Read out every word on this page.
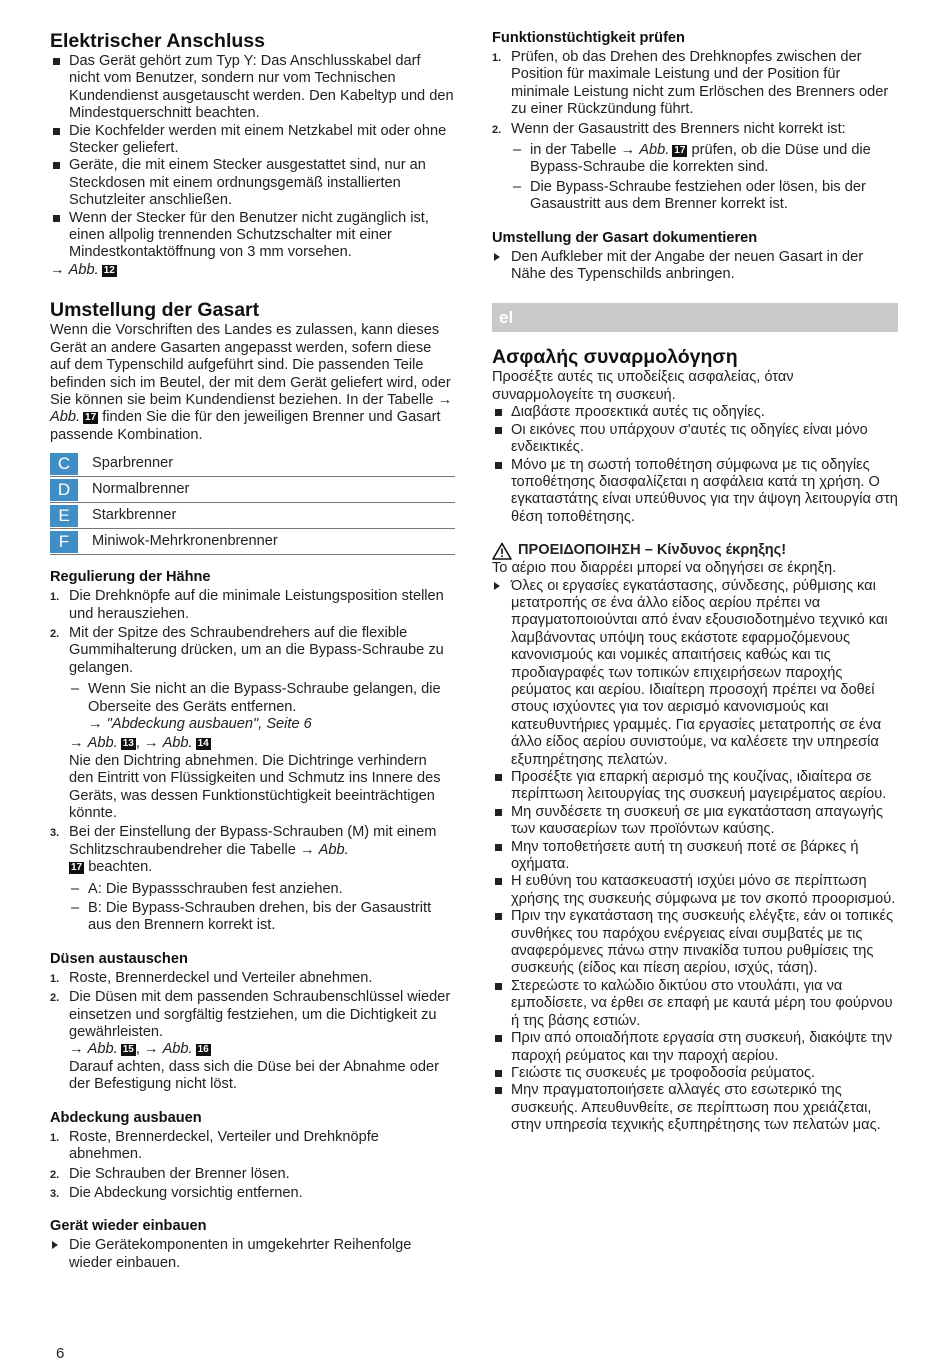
Elektrischer Anschluss
Das Gerät gehört zum Typ Y: Das Anschlusskabel darf nicht vom Benutzer, sondern nur vom Technischen Kundendienst ausgetauscht werden. Den Kabeltyp und den Mindestquerschnitt beachten.
Die Kochfelder werden mit einem Netzkabel mit oder ohne Stecker geliefert.
Geräte, die mit einem Stecker ausgestattet sind, nur an Steckdosen mit einem ordnungsgemäß installierten Schutzleiter anschließen.
Wenn der Stecker für den Benutzer nicht zugänglich ist, einen allpolig trennenden Schutzschalter mit einer Mindestkontaktöffnung von 3 mm vorsehen.

→ Abb. 12

Umstellung der Gasart

Wenn die Vorschriften des Landes es zulassen, kann dieses Gerät an andere Gasarten angepasst werden, sofern diese auf dem Typenschild aufgeführt sind. Die passenden Teile befinden sich im Beutel, der mit dem Gerät geliefert wird, oder Sie können sie beim Kundendienst beziehen. In der Tabelle → Abb. 17 finden Sie die für den jeweiligen Brenner und Gasart passende Kombination.

C	Sparbrenner

D	Normalbrenner

E	Starkbrenner

F	Miniwok-Mehrkronenbrenner
Regulierung der Hähne
1. Die Drehknöpfe auf die minimale Leistungsposition stellen und herausziehen.
2. Mit der Spitze des Schraubendrehers auf die flexible Gummihalterung drücken, um an die Bypass-Schraube zu gelangen.
– Wenn Sie nicht an die Bypass-Schraube gelangen, die Oberseite des Geräts entfernen.
→ "Abdeckung ausbauen", Seite 6
→ Abb. 13 , → Abb. 14

Nie den Dichtring abnehmen. Die Dichtringe verhindern den Eintritt von Flüssigkeiten und Schmutz ins Innere des Geräts, was dessen Funktionstüchtigkeit beeinträchtigen könnte.

3. Bei der Einstellung der Bypass-Schrauben (M) mit einem Schlitzschraubendreher die Tabelle → Abb.
17 beachten.
– A: Die Bypassschrauben fest anziehen.
– B: Die Bypass-Schrauben drehen, bis der Gasaustritt aus den Brennern korrekt ist.
Düsen austauschen
1. Roste, Brennerdeckel und Verteiler abnehmen.
2. Die Düsen mit dem passenden Schraubenschlüssel wieder einsetzen und sorgfältig festziehen, um die Dichtigkeit zu gewährleisten.
→ Abb. 15 , → Abb. 16

Darauf achten, dass sich die Düse bei der Abnahme oder der Befestigung nicht löst.

Abdeckung ausbauen
1. Roste, Brennerdeckel, Verteiler und Drehknöpfe abnehmen.
2. Die Schrauben der Brenner lösen.
3. Die Abdeckung vorsichtig entfernen.
Gerät wieder einbauen
Die Gerätekomponenten in umgekehrter Reihenfolge wieder einbauen.
Funktionstüchtigkeit prüfen
1. Prüfen, ob das Drehen des Drehknopfes zwischen der Position für maximale Leistung und der Position für minimale Leistung nicht zum Erlöschen des Brenners oder zu einer Rückzündung führt.
2. Wenn der Gasaustritt des Brenners nicht korrekt ist:
– in der Tabelle → Abb. 17 prüfen, ob die Düse und die Bypass-Schraube die korrekten sind.
– Die Bypass-Schraube festziehen oder lösen, bis der Gasaustritt aus dem Brenner korrekt ist.
Umstellung der Gasart dokumentieren
Den Aufkleber mit der Angabe der neuen Gasart in der Nähe des Typenschilds anbringen.
el
Ασφαλής συναρμολόγηση

Προσέξτε αυτές τις υποδείξεις ασφαλείας, όταν συναρμολογείτε τη συσκευή.

Διαβάστε προσεκτικά αυτές τις οδηγίες.
Οι εικόνες που υπάρχουν σ'αυτές τις οδηγίες είναι μόνο ενδεικτικές.
Μόνο με τη σωστή τοποθέτηση σύμφωνα με τις οδηγίες τοποθέτησης διασφαλίζεται η ασφάλεια κατά τη χρήση. Ο εγκαταστάτης είναι υπεύθυνος για την άψογη λειτουργία στη θέση τοποθέτησης.
ΠΡΟΕΙΔΟΠΟΙΗΣΗ – Κίνδυνος έκρηξης!

Το αέριο που διαρρέει μπορεί να οδηγήσει σε έκρηξη.

Όλες οι εργασίες εγκατάστασης, σύνδεσης, ρύθμισης και μετατροπής σε ένα άλλο είδος αερίου πρέπει να πραγματοποιούνται από έναν εξουσιοδοτημένο τεχνικό και λαμβάνοντας υπόψη τους εκάστοτε εφαρμοζόμενους κανονισμούς και νομικές απαιτήσεις καθώς και τις προδιαγραφές των τοπικών επιχειρήσεων παροχής ρεύματος και αερίου. Ιδιαίτερη προσοχή πρέπει να δοθεί στους ισχύοντες για τον αερισμό κανονισμούς και κατευθυντήριες γραμμές. Για εργασίες μετατροπής σε ένα άλλο είδος αερίου συνιστούμε, να καλέσετε την υπηρεσία εξυπηρέτησης πελατών.
Προσέξτε για επαρκή αερισμό της κουζίνας, ιδιαίτερα σε περίπτωση λειτουργίας της συσκευή μαγειρέματος αερίου.
Μη συνδέσετε τη συσκευή σε μια εγκατάσταση απαγωγής των καυσαερίων των προϊόντων καύσης.
Μην τοποθετήσετε αυτή τη συσκευή ποτέ σε βάρκες ή οχήματα.
Η ευθύνη του κατασκευαστή ισχύει μόνο σε περίπτωση χρήσης της συσκευής σύμφωνα με τον σκοπό προορισμού.
Πριν την εγκατάσταση της συσκευής ελέγξτε, εάν οι τοπικές συνθήκες του παρόχου ενέργειας είναι συμβατές με τις αναφερόμενες πάνω στην πινακίδα τυπου ρυθμίσεις της συσκευής (είδος και πίεση αερίου, ισχύς, τάση).
Στερεώστε το καλώδιο δικτύου στο ντουλάπι, για να εμποδίσετε, να έρθει σε επαφή με καυτά μέρη του φούρνου ή της βάσης εστιών.
Πριν από οποιαδήποτε εργασία στη συσκευή, διακόψτε την παροχή ρεύματος και την παροχή αερίου.
Γειώστε τις συσκευές με τροφοδοσία ρεύματος.
Μην πραγματοποιήσετε αλλαγές στο εσωτερικό της συσκευής. Απευθυνθείτε, σε περίπτωση που χρειάζεται, στην υπηρεσία τεχνικής εξυπηρέτησης των πελατών μας.
6
